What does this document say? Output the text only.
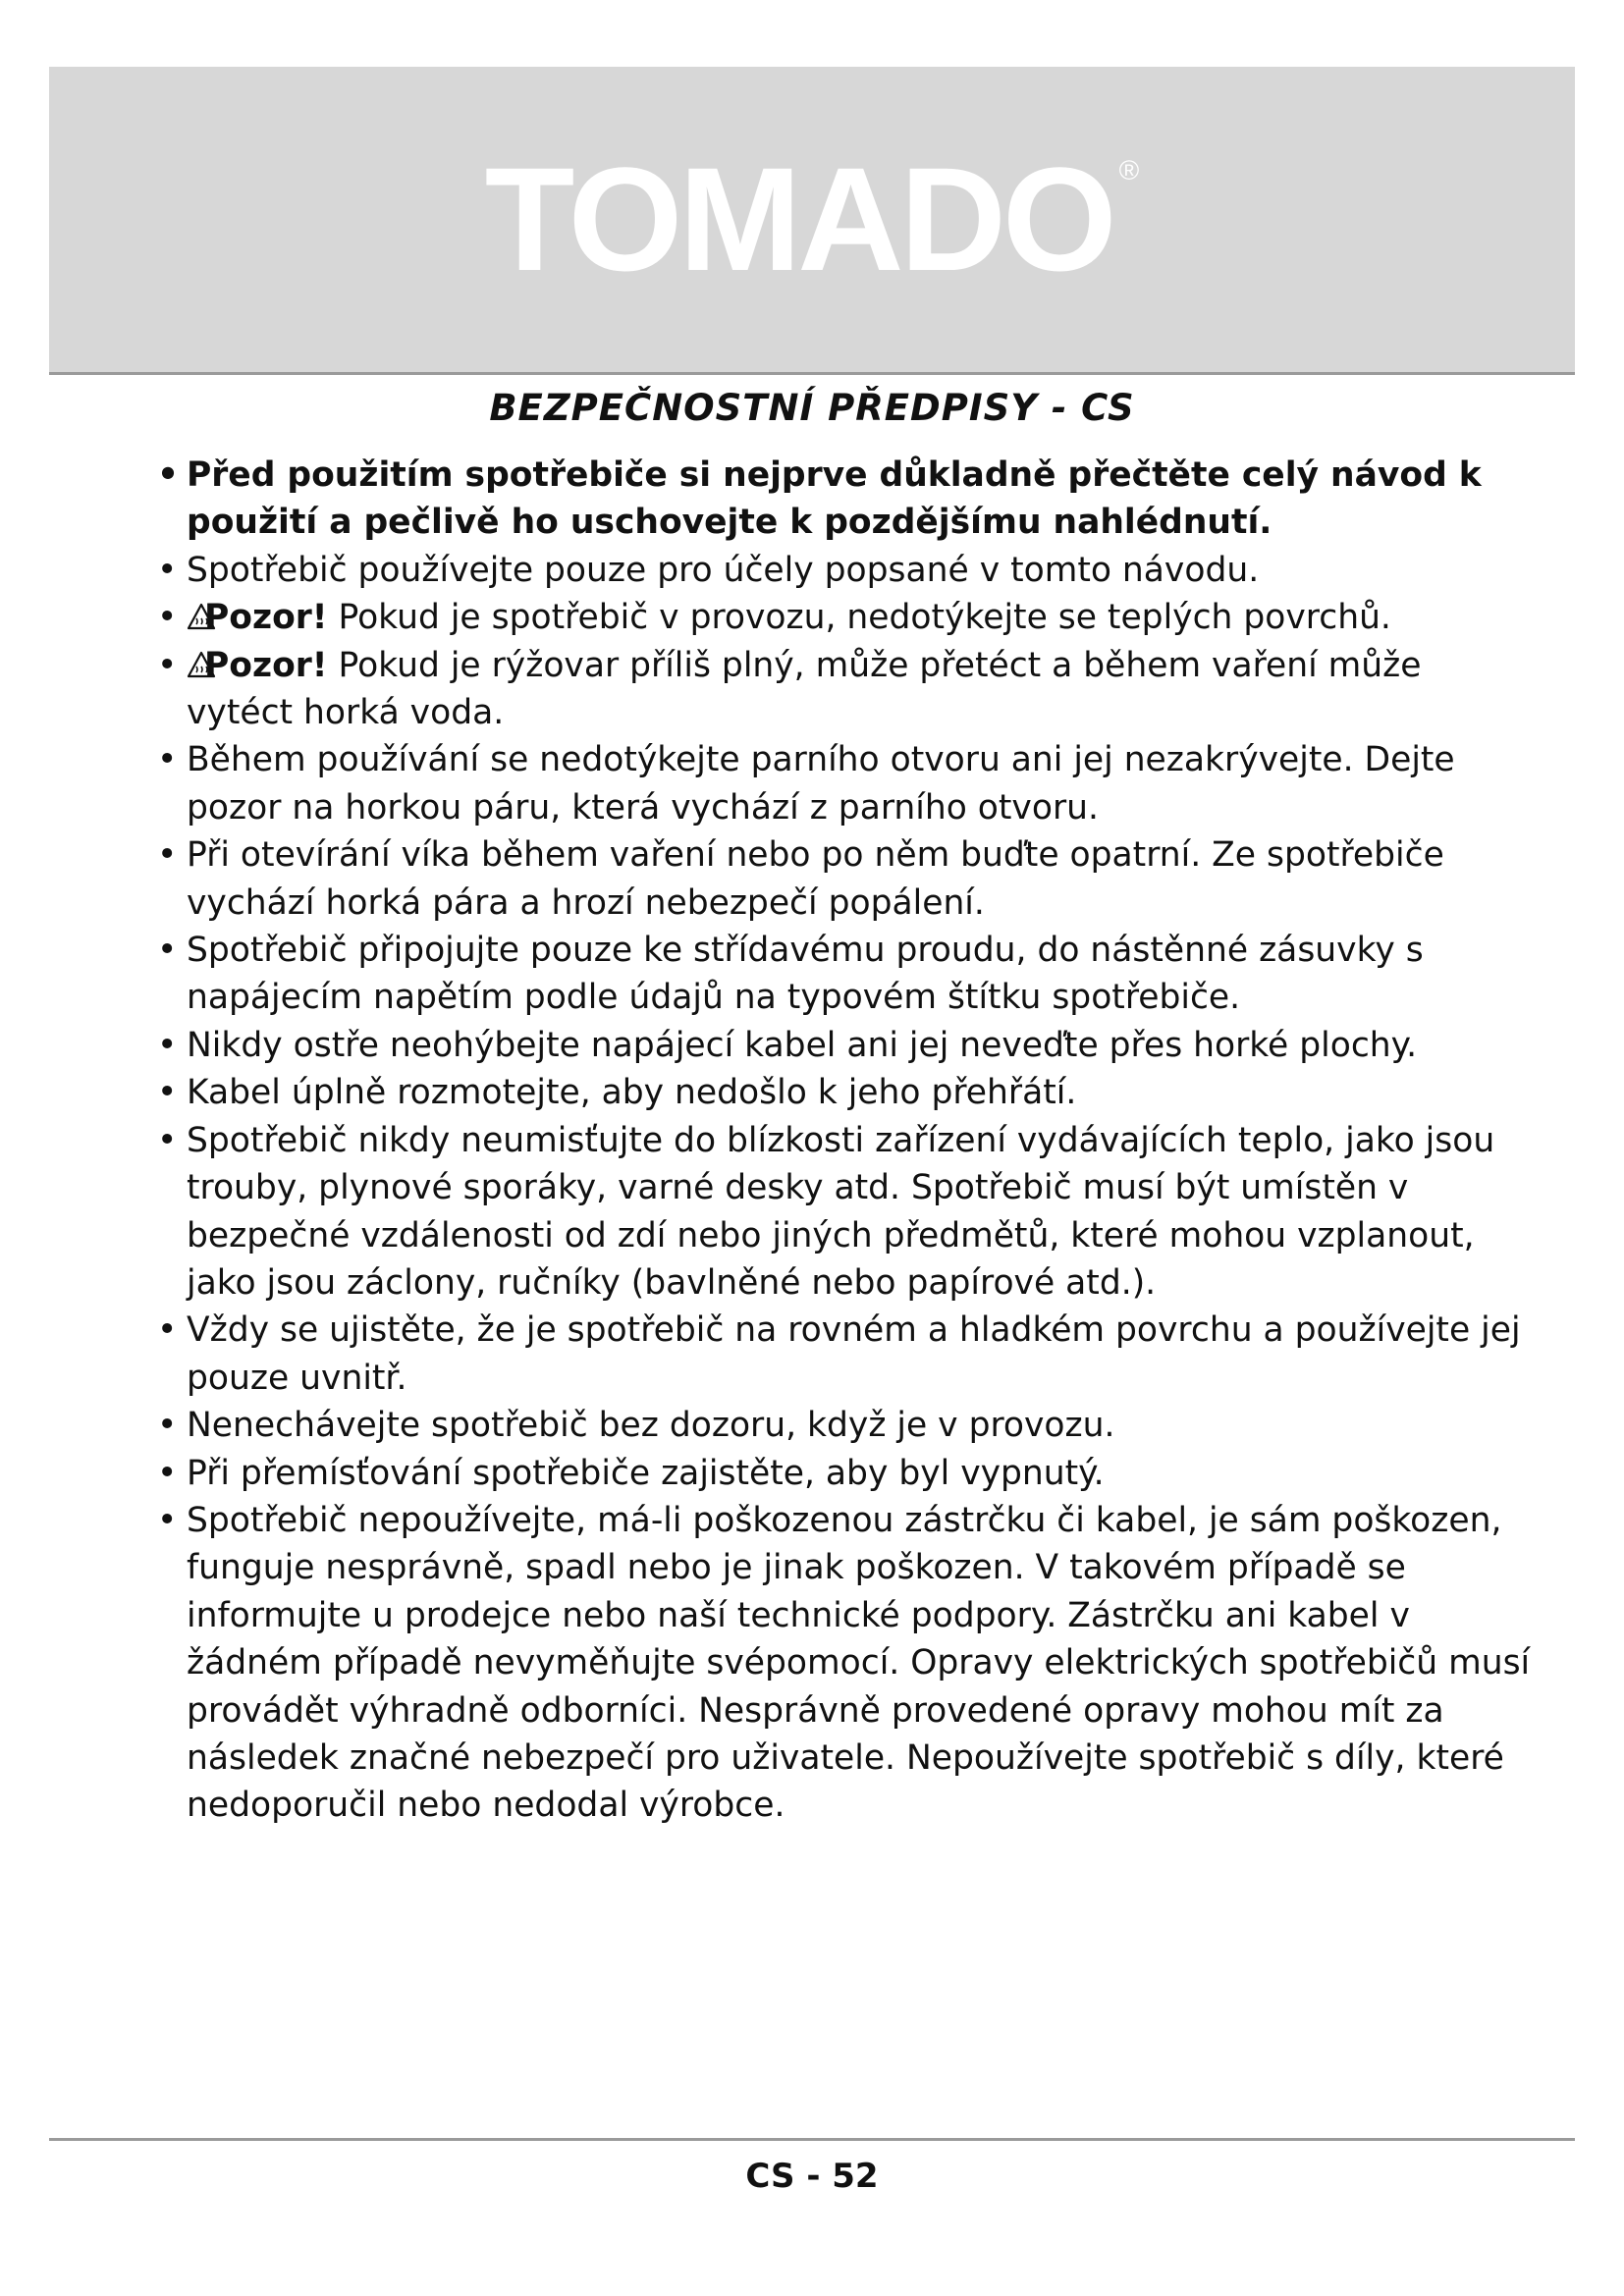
TOMADO ®
BEZPEČNOSTNÍ PŘEDPISY - CS
• Před použitím spotřebiče si nejprve důkladně přečtěte celý návod k použití a pečlivě ho uschovejte k pozdějšímu nahlédnutí.
• Spotřebič používejte pouze pro účely popsané v tomto návodu.
• Pozor! Pokud je spotřebič v provozu, nedotýkejte se teplých povrchů.
• Pozor! Pokud je rýžovar příliš plný, může přetéct a během vaření může vytéct horká voda.
• Během používání se nedotýkejte parního otvoru ani jej nezakrývejte. Dejte pozor na horkou páru, která vychází z parního otvoru.
• Při otevírání víka během vaření nebo po něm buďte opatrní. Ze spotřebiče vychází horká pára a hrozí nebezpečí popálení.
• Spotřebič připojujte pouze ke střídavému proudu, do nástěnné zásuvky s napájecím napětím podle údajů na typovém štítku spotřebiče.
• Nikdy ostře neohýbejte napájecí kabel ani jej neveďte přes horké plochy.
• Kabel úplně rozmotejte, aby nedošlo k jeho přehřátí.
• Spotřebič nikdy neumisťujte do blízkosti zařízení vydávajících teplo, jako jsou trouby, plynové sporáky, varné desky atd. Spotřebič musí být umístěn v bezpečné vzdálenosti od zdí nebo jiných předmětů, které mohou vzplanout, jako jsou záclony, ručníky (bavlněné nebo papírové atd.).
• Vždy se ujistěte, že je spotřebič na rovném a hladkém povrchu a používejte jej pouze uvnitř.
• Nenechávejte spotřebič bez dozoru, když je v provozu.
• Při přemísťování spotřebiče zajistěte, aby byl vypnutý.
• Spotřebič nepoužívejte, má-li poškozenou zástrčku či kabel, je sám poškozen, funguje nesprávně, spadl nebo je jinak poškozen. V takovém případě se informujte u prodejce nebo naší technické podpory. Zástrčku ani kabel v žádném případě nevyměňujte svépomocí. Opravy elektrických spotřebičů musí provádět výhradně odborníci. Nesprávně provedené opravy mohou mít za následek značné nebezpečí pro uživatele. Nepoužívejte spotřebič s díly, které nedoporučil nebo nedodal výrobce.
CS - 52
